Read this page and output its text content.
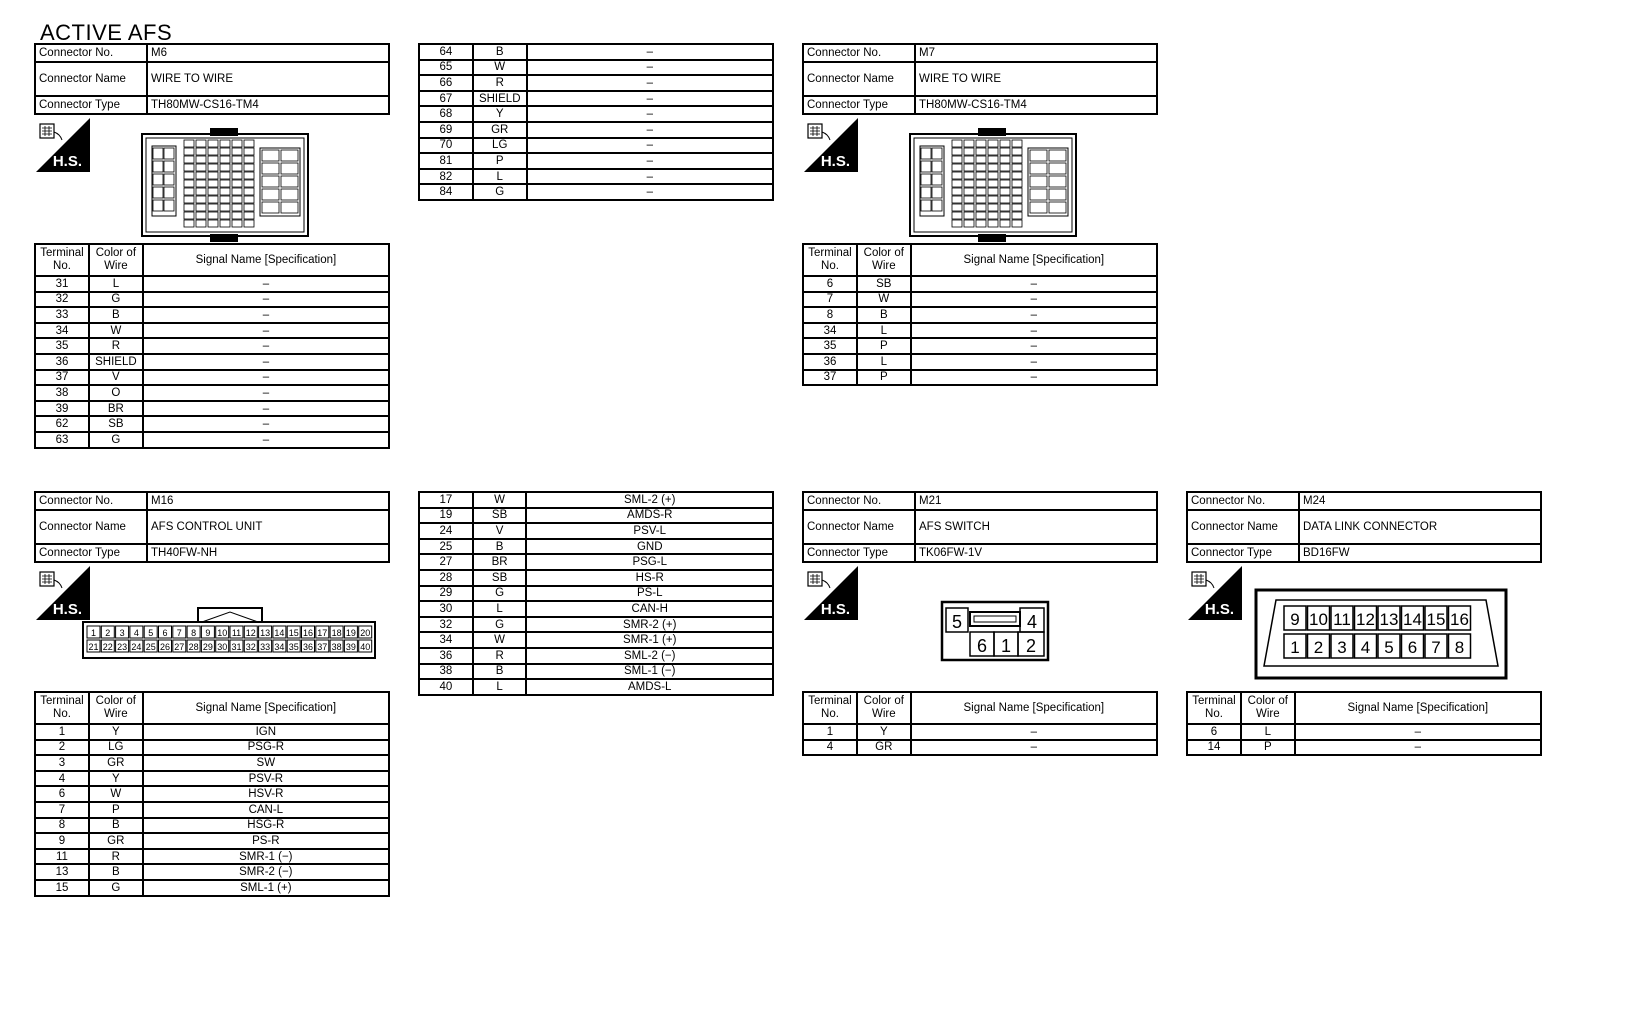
ACTIVE AFS
Connector No.	M6
Connector Name	WIRE TO WIRE
Connector Type	TH80MW-CS16-TM4
H.S.
Terminal No.	Color of Wire	Signal Name [Specification]
31	L	–
32	G	–
33	B	–
34	W	–
35	R	–
36	SHIELD	–
37	V	–
38	O	–
39	BR	–
62	SB	–
63	G	–
64	B	–
65	W	–
66	R	–
67	SHIELD	–
68	Y	–
69	GR	–
70	LG	–
81	P	–
82	L	–
84	G	–
Connector No.	M7
Connector Name	WIRE TO WIRE
Connector Type	TH80MW-CS16-TM4
H.S.
Terminal No.	Color of Wire	Signal Name [Specification]
6	SB	–
7	W	–
8	B	–
34	L	–
35	P	–
36	L	–
37	P	–
Connector No.	M16
Connector Name	AFS CONTROL UNIT
Connector Type	TH40FW-NH
H.S.
1 2 3 4 5 6 7 8 9 10 11 12 13 14 15 16 17 18 19 20
21 22 23 24 25 26 27 28 29 30 31 32 33 34 35 36 37 38 39 40
Terminal No.	Color of Wire	Signal Name [Specification]
1	Y	IGN
2	LG	PSG-R
3	GR	SW
4	Y	PSV-R
6	W	HSV-R
7	P	CAN-L
8	B	HSG-R
9	GR	PS-R
11	R	SMR-1 (−)
13	B	SMR-2 (−)
15	G	SML-1 (+)
17	W	SML-2 (+)
19	SB	AMDS-R
24	V	PSV-L
25	B	GND
27	BR	PSG-L
28	SB	HS-R
29	G	PS-L
30	L	CAN-H
32	G	SMR-2 (+)
34	W	SMR-1 (+)
36	R	SML-2 (−)
38	B	SML-1 (−)
40	L	AMDS-L
Connector No.	M21
Connector Name	AFS SWITCH
Connector Type	TK06FW-1V
H.S.
5	4
6 1 2
Terminal No.	Color of Wire	Signal Name [Specification]
1	Y	–
4	GR	–
Connector No.	M24
Connector Name	DATA LINK CONNECTOR
Connector Type	BD16FW
H.S.
9 10 11 12 13 14 15 16
1 2 3 4 5 6 7 8
Terminal No.	Color of Wire	Signal Name [Specification]
6	L	–
14	P	–
